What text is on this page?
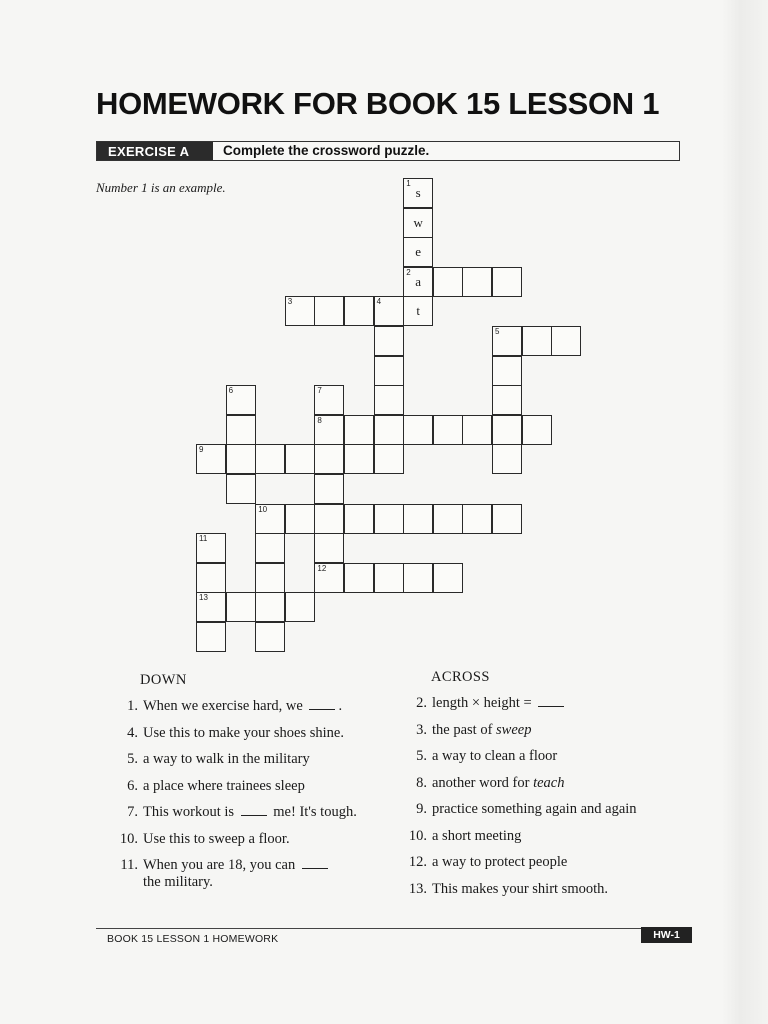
HOMEWORK FOR BOOK 15 LESSON 1
EXERCISE A	Complete the crossword puzzle.
Number 1 is an example.	1
s
w
e
2
a
3	4
t
5
6	7
8
9
10
11
12
13
DOWN
1. When we exercise hard, we .
4. Use this to make your shoes shine.
5. a way to walk in the military
6. a place where trainees sleep
7. This workout is  me! It's tough.
10. Use this to sweep a floor.
11. When you are 18, you can
the military.
ACROSS
2. length × height =
3. the past of sweep
5. a way to clean a floor
8. another word for teach
9. practice something again and again
10. a short meeting
12. a way to protect people
13. This makes your shirt smooth.
BOOK 15 LESSON 1 HOMEWORK	HW-1
